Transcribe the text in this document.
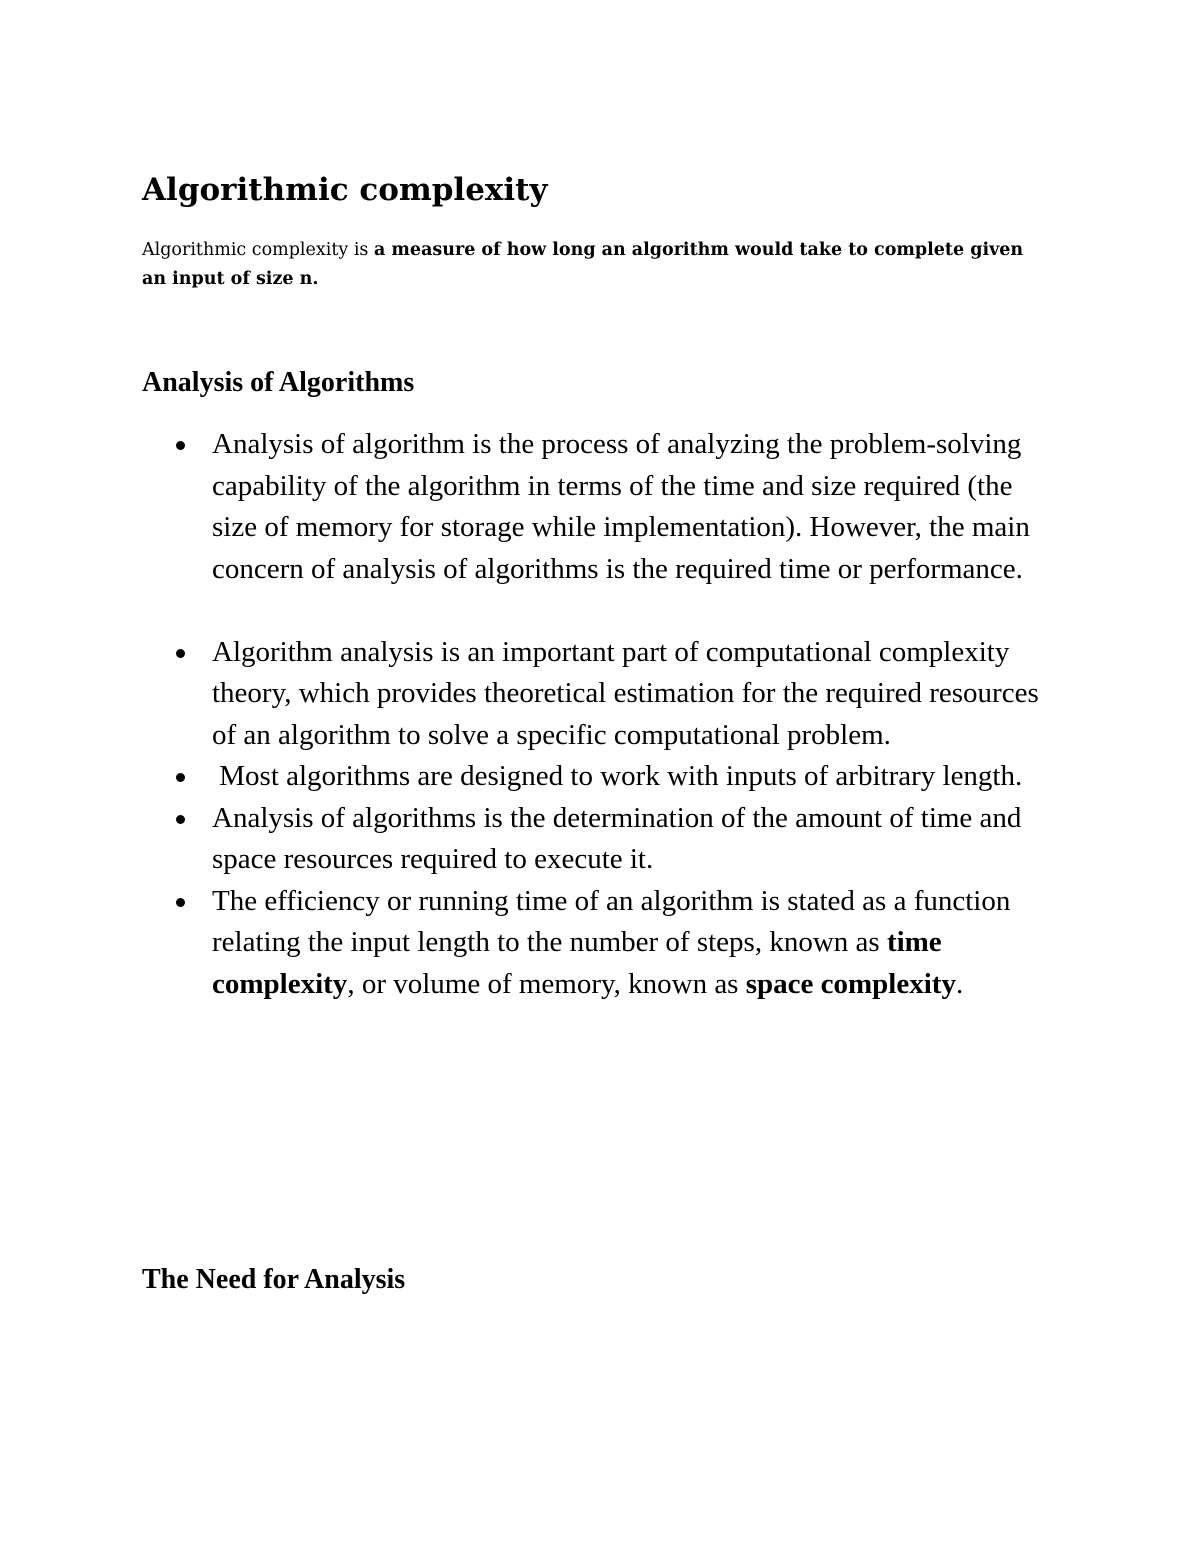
Algorithmic complexity

Algorithmic complexity is a measure of how long an algorithm would take to complete given an input of size n.

Analysis of Algorithms
Analysis of algorithm is the process of analyzing the problem-solving capability of the algorithm in terms of the time and size required (the size of memory for storage while implementation). However, the main concern of analysis of algorithms is the required time or performance.
Algorithm analysis is an important part of computational complexity theory, which provides theoretical estimation for the required resources of an algorithm to solve a specific computational problem.
Most algorithms are designed to work with inputs of arbitrary length.
Analysis of algorithms is the determination of the amount of time and space resources required to execute it.
The efficiency or running time of an algorithm is stated as a function relating the input length to the number of steps, known as time complexity, or volume of memory, known as space complexity.
The Need for Analysis
